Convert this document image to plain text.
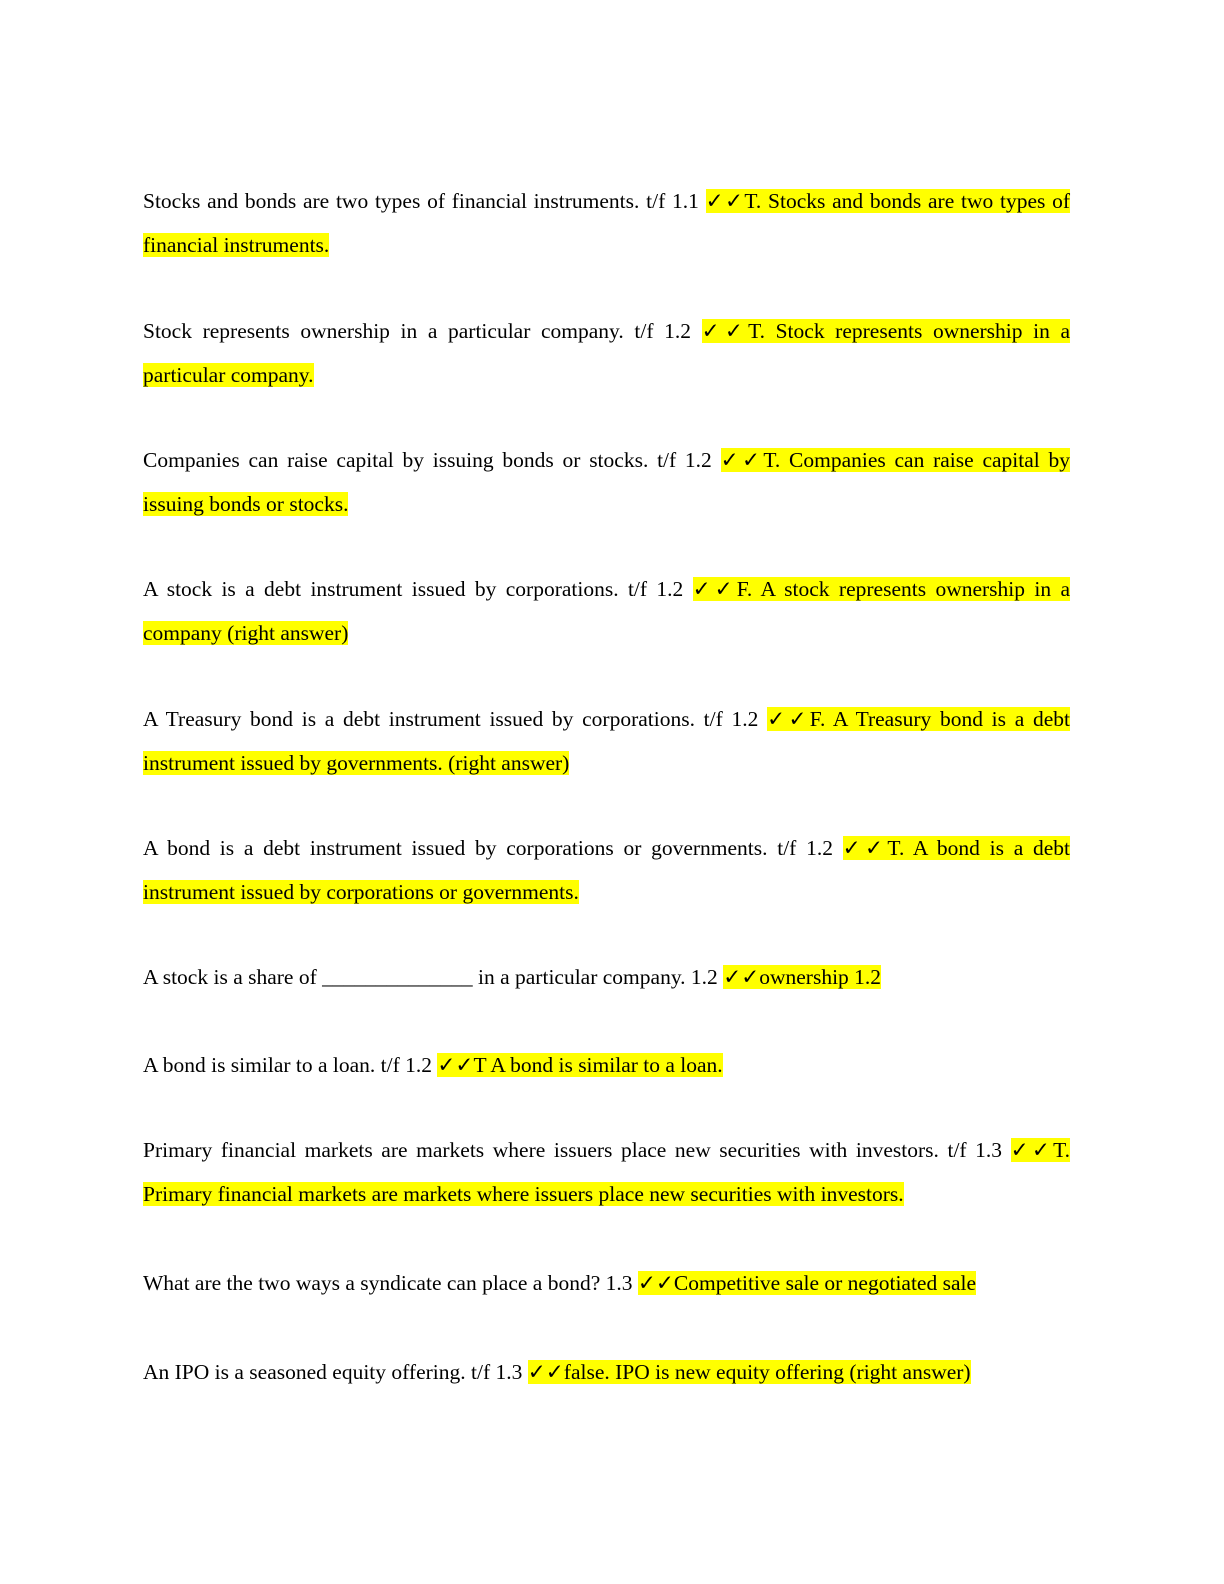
Stocks and bonds are two types of financial instruments. t/f 1.1 ✓✓T. Stocks and bonds are two types of financial instruments.

Stock represents ownership in a particular company. t/f 1.2 ✓✓T. Stock represents ownership in a particular company.

Companies can raise capital by issuing bonds or stocks. t/f 1.2 ✓✓T. Companies can raise capital by issuing bonds or stocks.

A stock is a debt instrument issued by corporations. t/f 1.2 ✓✓F. A stock represents ownership in a company (right answer)

A Treasury bond is a debt instrument issued by corporations. t/f 1.2 ✓✓F. A Treasury bond is a debt instrument issued by governments. (right answer)

A bond is a debt instrument issued by corporations or governments. t/f 1.2 ✓✓T. A bond is a debt instrument issued by corporations or governments.

A stock is a share of ______________ in a particular company. 1.2 ✓✓ownership 1.2

A bond is similar to a loan. t/f 1.2 ✓✓T A bond is similar to a loan.

Primary financial markets are markets where issuers place new securities with investors. t/f 1.3 ✓✓T. Primary financial markets are markets where issuers place new securities with investors.

What are the two ways a syndicate can place a bond? 1.3 ✓✓Competitive sale or negotiated sale

An IPO is a seasoned equity offering. t/f 1.3 ✓✓false. IPO is new equity offering (right answer)
